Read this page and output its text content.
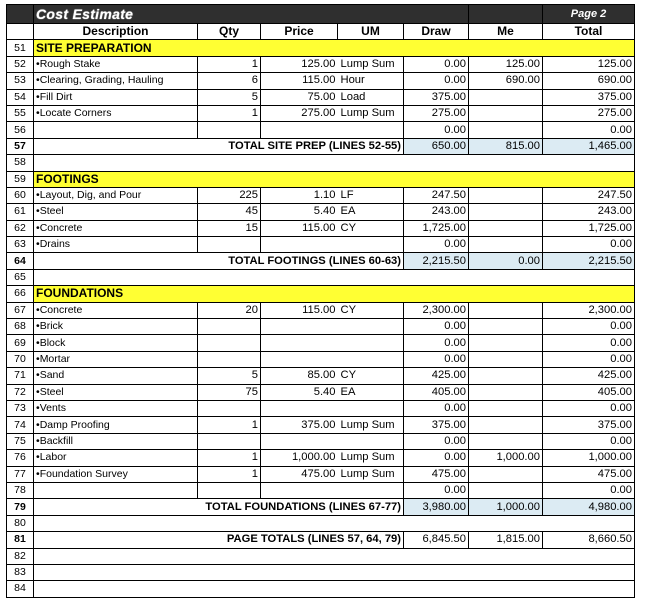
	Cost Estimate						Page 2
	Description	Qty	Price	UM	Draw	Me	Total
51	SITE PREPARATION						
52	• Rough Stake	1	125.00	Lump Sum	0.00	125.00	125.00
53	• Clearing, Grading, Hauling	6	115.00	Hour	0.00	690.00	690.00
54	• Fill Dirt	5	75.00	Load	375.00		375.00
55	• Locate Corners	1	275.00	Lump Sum	275.00		275.00
56					0.00		0.00
57	TOTAL SITE PREP (LINES 52-55)				650.00	815.00	1,465.00
58							
59	FOOTINGS						
60	• Layout, Dig, and Pour	225	1.10	LF	247.50		247.50
61	• Steel	45	5.40	EA	243.00		243.00
62	• Concrete	15	115.00	CY	1,725.00		1,725.00
63	• Drains				0.00		0.00
64	TOTAL FOOTINGS (LINES 60-63)				2,215.50	0.00	2,215.50
65							
66	FOUNDATIONS						
67	• Concrete	20	115.00	CY	2,300.00		2,300.00
68	• Brick				0.00		0.00
69	• Block				0.00		0.00
70	• Mortar				0.00		0.00
71	• Sand	5	85.00	CY	425.00		425.00
72	• Steel	75	5.40	EA	405.00		405.00
73	• Vents				0.00		0.00
74	• Damp Proofing	1	375.00	Lump Sum	375.00		375.00
75	• Backfill				0.00		0.00
76	• Labor	1	1,000.00	Lump Sum	0.00	1,000.00	1,000.00
77	• Foundation Survey	1	475.00	Lump Sum	475.00		475.00
78					0.00		0.00
79	TOTAL FOUNDATIONS (LINES 67-77)				3,980.00	1,000.00	4,980.00
80							
81	PAGE TOTALS (LINES 57, 64, 79)				6,845.50	1,815.00	8,660.50
82							
83							
84							
